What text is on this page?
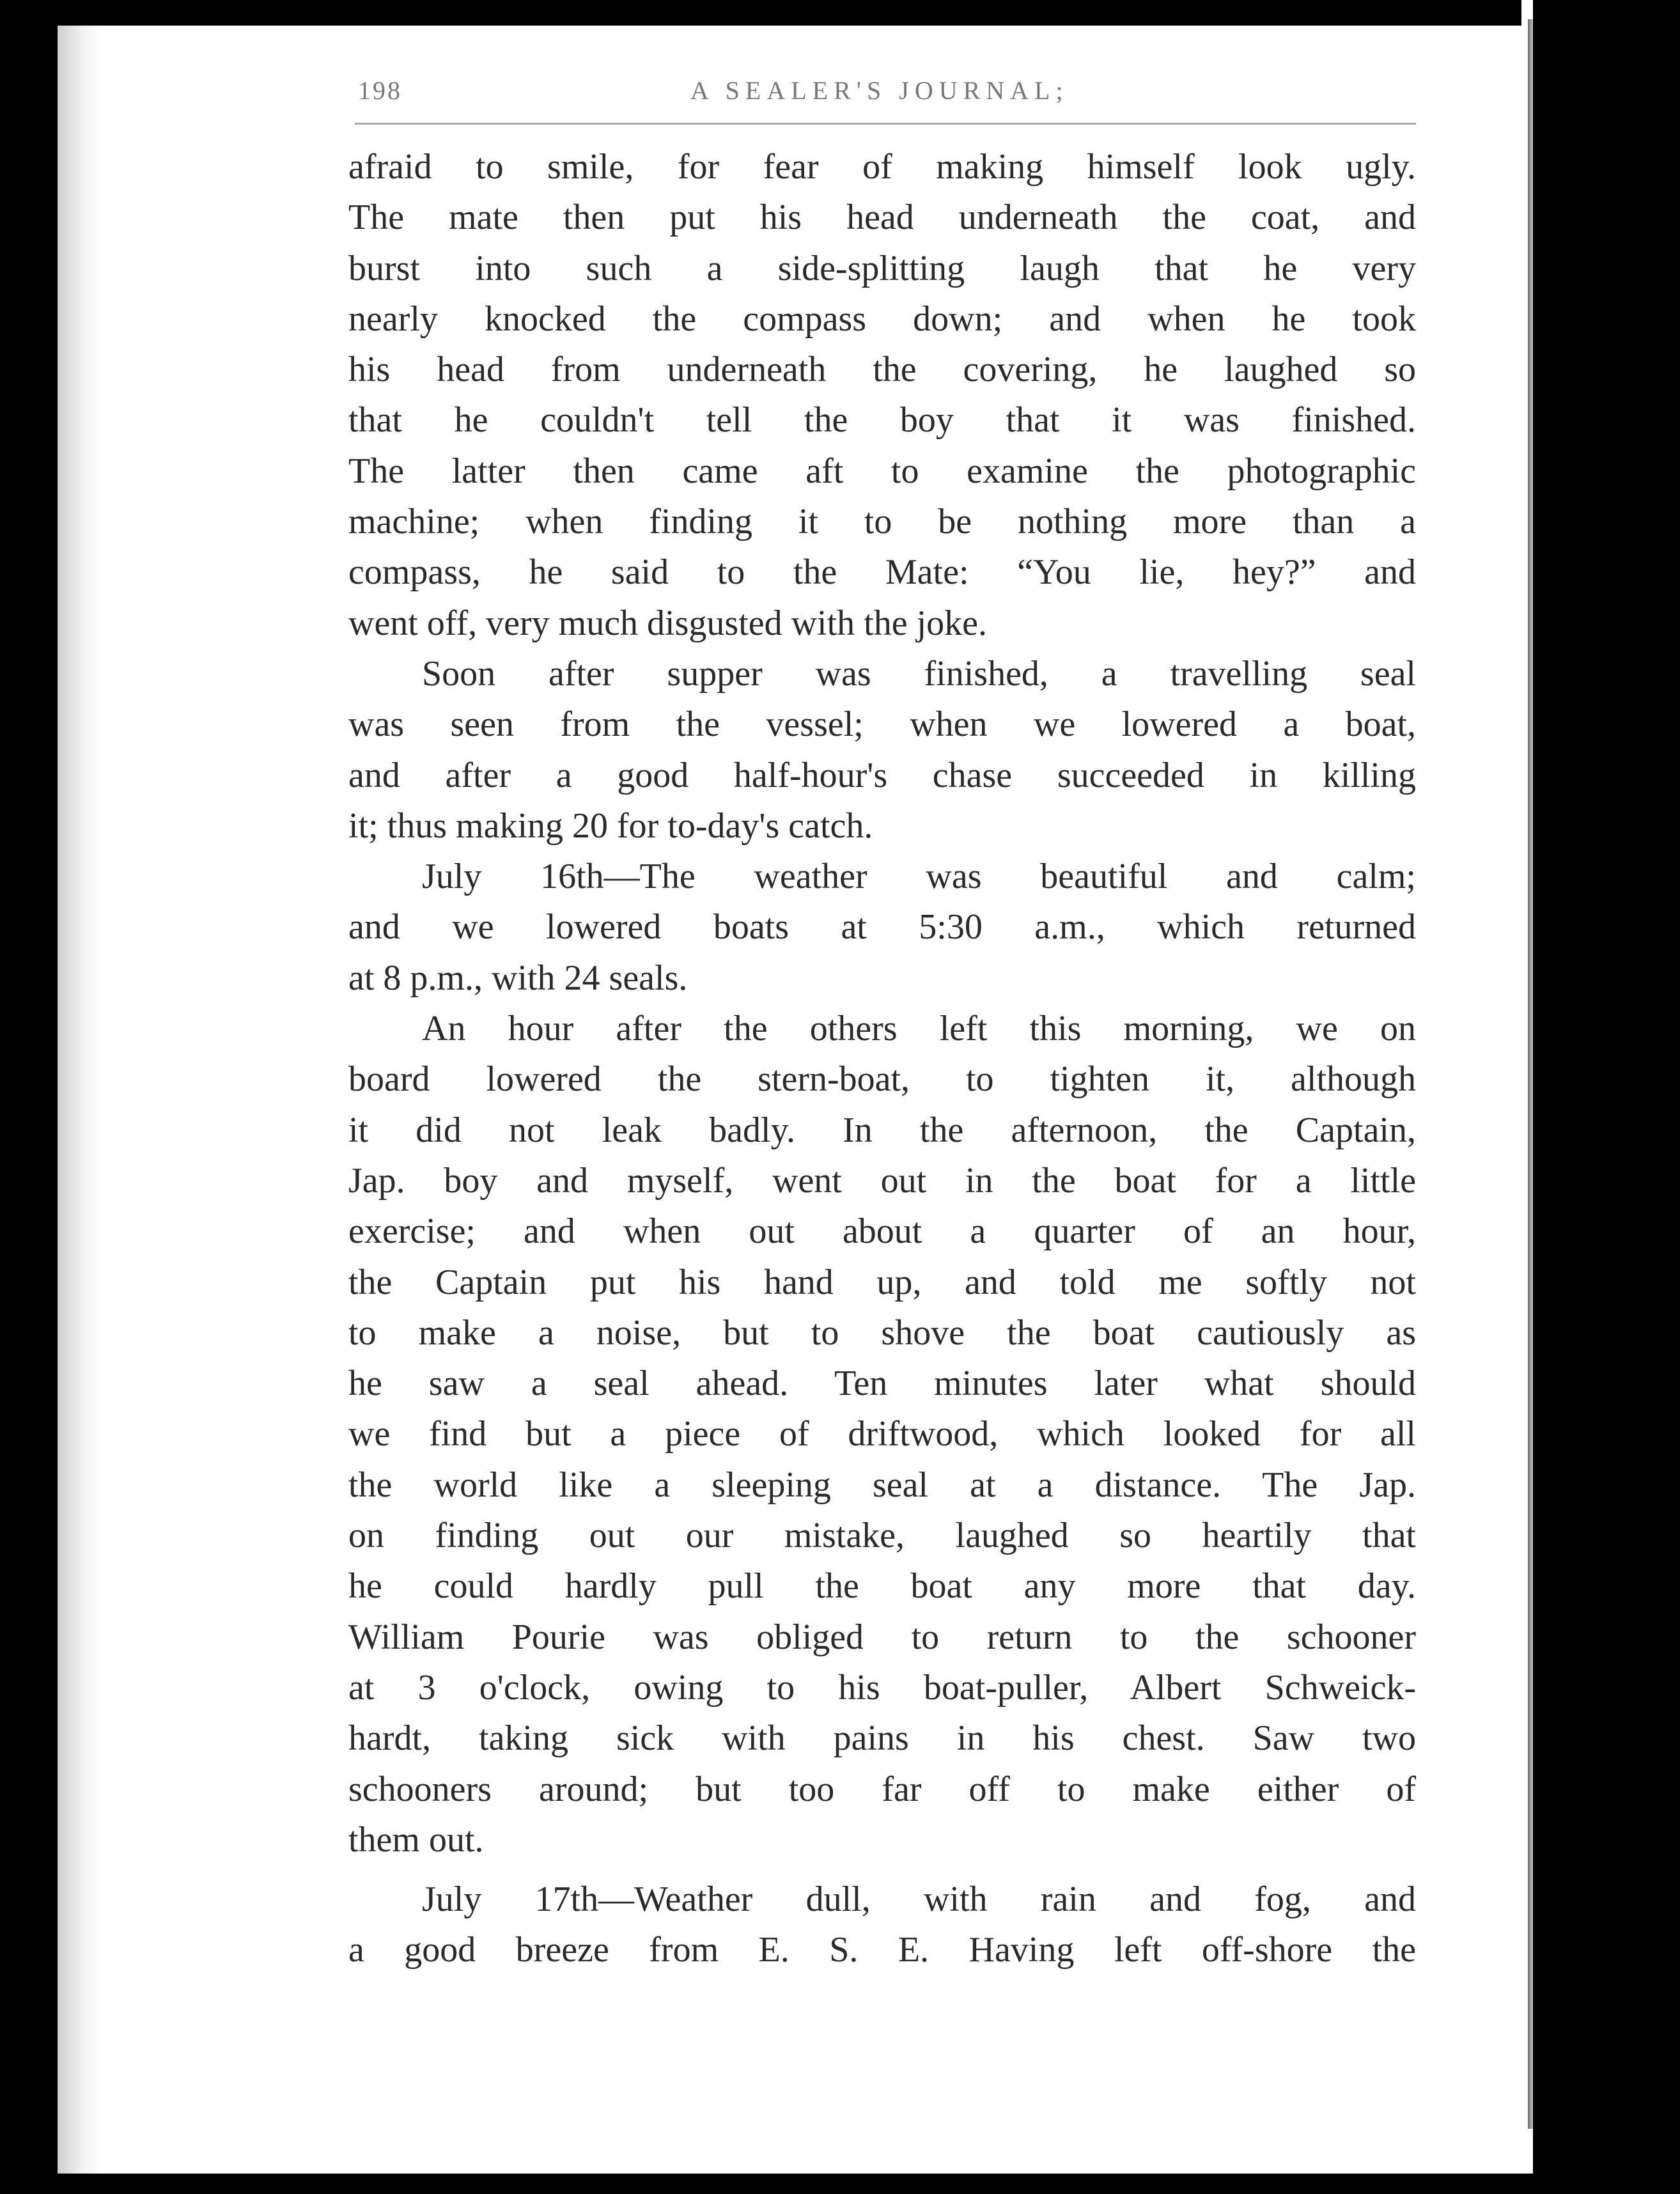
198	A SEALER'S JOURNAL;
afraid to smile, for fear of making himself look ugly.
The mate then put his head underneath the coat, and
burst into such a side-splitting laugh that he very
nearly knocked the compass down; and when he took
his head from underneath the covering, he laughed so
that he couldn't tell the boy that it was finished.
The latter then came aft to examine the photographic
machine; when finding it to be nothing more than a
compass, he said to the Mate: “You lie, hey?” and
went off, very much disgusted with the joke.
Soon after supper was finished, a travelling seal
was seen from the vessel; when we lowered a boat,
and after a good half-hour's chase succeeded in killing
it; thus making 20 for to-day's catch.
July 16th—The weather was beautiful and calm;
and we lowered boats at 5:30 a.m., which returned
at 8 p.m., with 24 seals.
An hour after the others left this morning, we on
board lowered the stern-boat, to tighten it, although
it did not leak badly. In the afternoon, the Captain,
Jap. boy and myself, went out in the boat for a little
exercise; and when out about a quarter of an hour,
the Captain put his hand up, and told me softly not
to make a noise, but to shove the boat cautiously as
he saw a seal ahead. Ten minutes later what should
we find but a piece of driftwood, which looked for all
the world like a sleeping seal at a distance. The Jap.
on finding out our mistake, laughed so heartily that
he could hardly pull the boat any more that day.
William Pourie was obliged to return to the schooner
at 3 o'clock, owing to his boat-puller, Albert Schweick-
hardt, taking sick with pains in his chest. Saw two
schooners around; but too far off to make either of
them out.
July 17th—Weather dull, with rain and fog, and
a good breeze from E. S. E. Having left off-shore the
